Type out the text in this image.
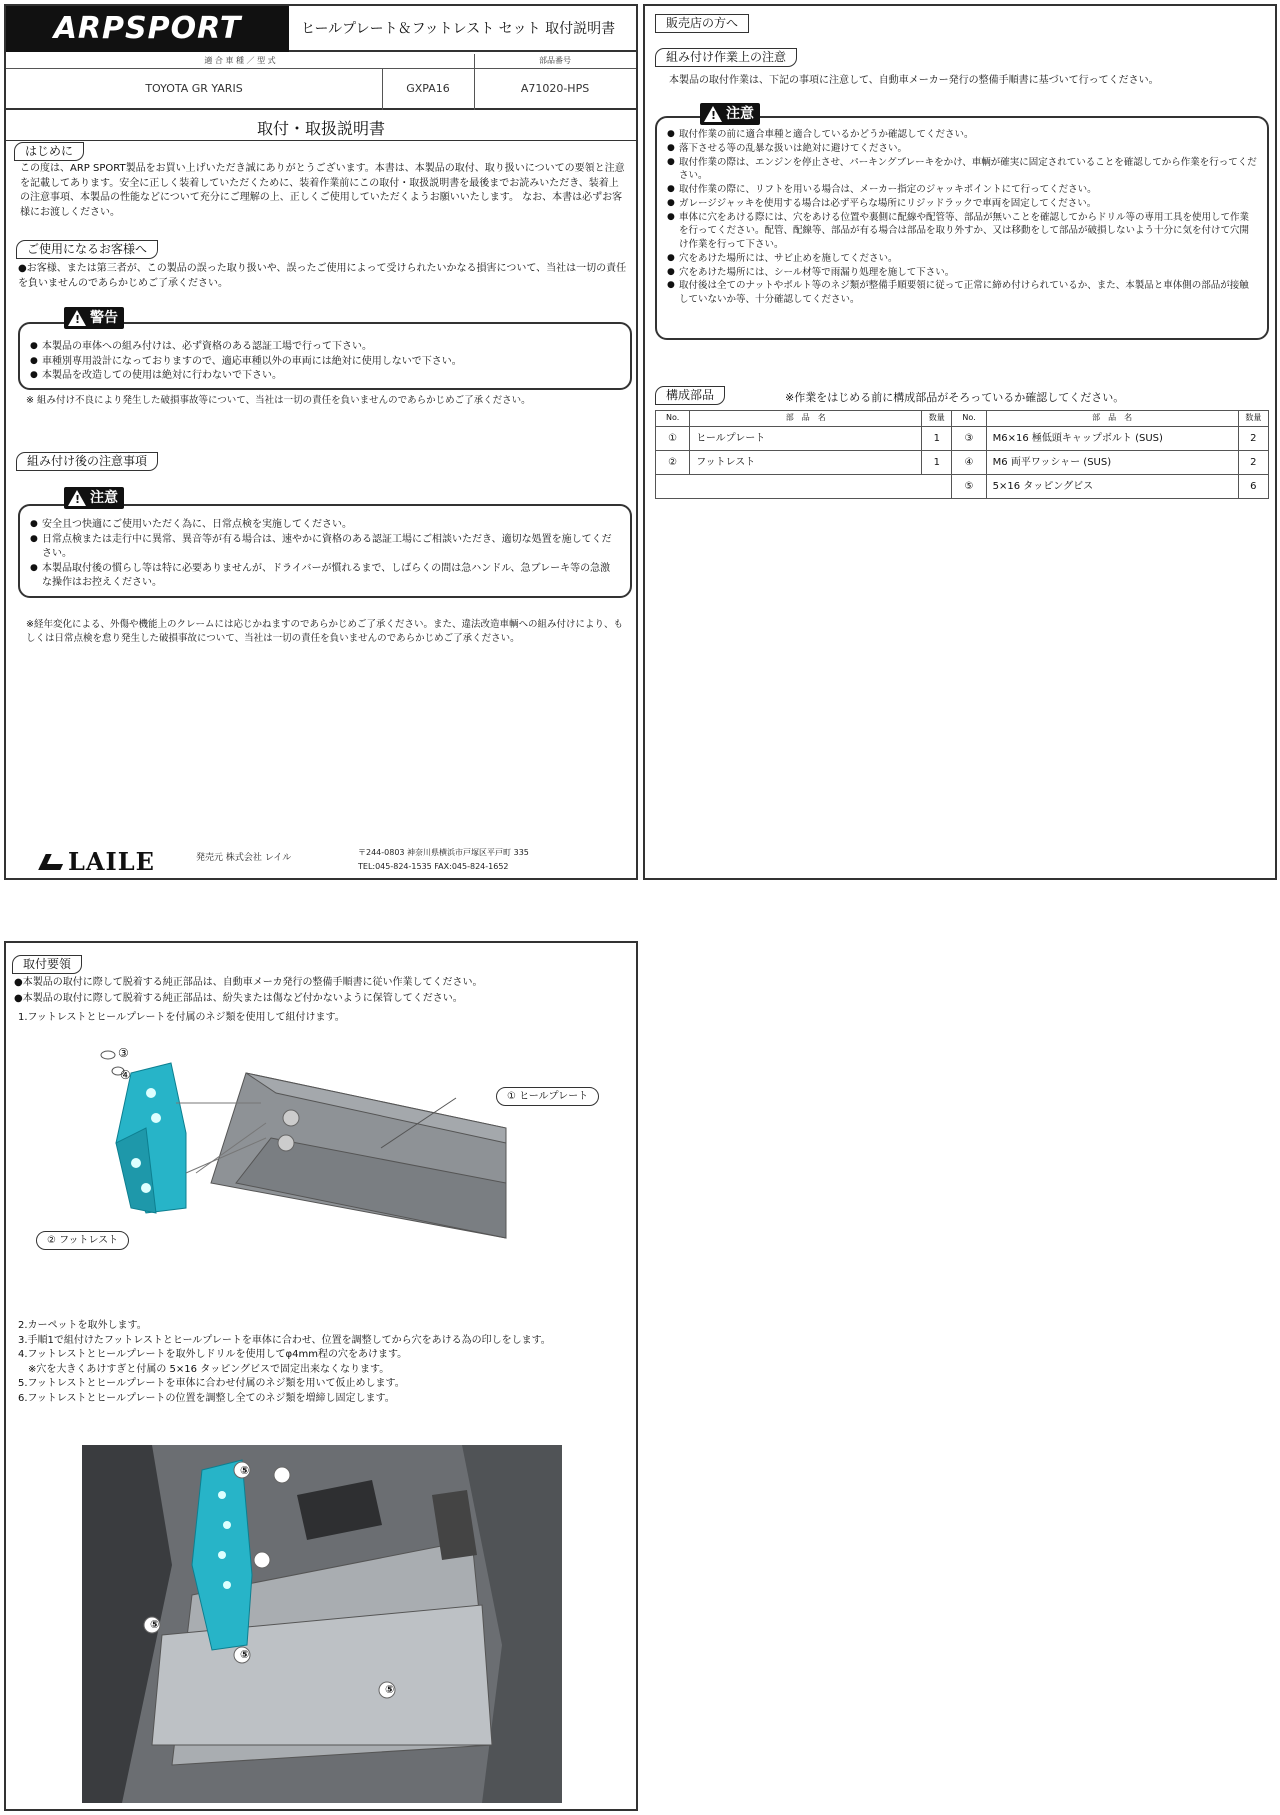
ARPSPORT	ヒールプレート＆フットレスト セット 取付説明書
適 合 車 種 ／ 型 式	部品番号
TOYOTA GR YARIS	GXPA16	A71020-HPS
取付・取扱説明書
はじめに
この度は、ARP SPORT製品をお買い上げいただき誠にありがとうございます。本書は、本製品の取付、取り扱いについての要領と注意を記載してあります。安全に正しく装着していただくために、装着作業前にこの取付・取扱説明書を最後までお読みいただき、装着上の注意事項、本製品の性能などについて充分にご理解の上、正しくご使用していただくようお願いいたします。 なお、本書は必ずお客様にお渡しください。
ご使用になるお客様へ
●お客様、または第三者が、この製品の誤った取り扱いや、誤ったご使用によって受けられたいかなる損害について、当社は一切の責任を負いませんのであらかじめご了承ください。
● 本製品の車体への組み付けは、必ず資格のある認証工場で行って下さい。
● 車種別専用設計になっておりますので、適応車種以外の車両には絶対に使用しないで下さい。
● 本製品を改造しての使用は絶対に行わないで下さい。
! 警告
※ 組み付け不良により発生した破損事故等について、当社は一切の責任を負いませんのであらかじめご了承ください。
組み付け後の注意事項
● 安全且つ快適にご使用いただく為に、日常点検を実施してください。
● 日常点検または走行中に異常、異音等が有る場合は、速やかに資格のある認証工場にご相談いただき、適切な処置を施してください。
● 本製品取付後の慣らし等は特に必要ありませんが、ドライバーが慣れるまで、しばらくの間は急ハンドル、急ブレーキ等の急激な操作はお控えください。
! 注意
※経年変化による、外傷や機能上のクレームには応じかねますのであらかじめご了承ください。また、違法改造車輌への組み付けにより、もしくは日常点検を怠り発生した破損事故について、当社は一切の責任を負いませんのであらかじめご了承ください。
LAILE	発売元 株式会社 レイル
〒244-0803 神奈川県横浜市戸塚区平戸町 335
TEL:045-824-1535 FAX:045-824-1652
販売店の方へ
組み付け作業上の注意
本製品の取付作業は、下記の事項に注意して、自動車メーカー発行の整備手順書に基づいて行ってください。
● 取付作業の前に適合車種と適合しているかどうか確認してください。
● 落下させる等の乱暴な扱いは絶対に避けてください。
● 取付作業の際は、エンジンを停止させ、パーキングブレーキをかけ、車輌が確実に固定されていることを確認してから作業を行ってください。
● 取付作業の際に、リフトを用いる場合は、メーカー指定のジャッキポイントにて行ってください。
● ガレージジャッキを使用する場合は必ず平らな場所にリジッドラックで車両を固定してください。
● 車体に穴をあける際には、穴をあける位置や裏側に配線や配管等、部品が無いことを確認してからドリル等の専用工具を使用して作業を行ってください。配管、配線等、部品が有る場合は部品を取り外すか、又は移動をして部品が破損しないよう十分に気を付けて穴開け作業を行って下さい。
● 穴をあけた場所には、サビ止めを施してください。
● 穴をあけた場所には、シール材等で雨漏り処理を施して下さい。
● 取付後は全てのナットやボルト等のネジ類が整備手順要領に従って正常に締め付けられているか、また、本製品と車体側の部品が接触していないか等、十分確認してください。
! 注意
構成部品	※作業をはじめる前に構成部品がそろっているか確認してください。
No.	部　品　名	数量	No.	部　品　名	数量
①	ヒールプレート	1	③	M6×16 極低頭キャップボルト (SUS)	2
②	フットレスト	1	④	M6 両平ワッシャー (SUS)	2
			⑤	5×16 タッピングビス	6
取付要領
●本製品の取付に際して脱着する純正部品は、自動車メーカ発行の整備手順書に従い作業してください。
●本製品の取付に際して脱着する純正部品は、紛失または傷など付かないように保管してください。
1.フットレストとヒールプレートを付属のネジ類を使用して組付けます。
① ヒールプレート
② フットレスト
③
④
2.カーペットを取外します。
3.手順1で組付けたフットレストとヒールプレートを車体に合わせ、位置を調整してから穴をあける為の印しをします。
4.フットレストとヒールプレートを取外しドリルを使用してφ4mm程の穴をあけます。
　※穴を大きくあけすぎと付属の 5×16 タッピングビスで固定出来なくなります。
5.フットレストとヒールプレートを車体に合わせ付属のネジ類を用いて仮止めします。
6.フットレストとヒールプレートの位置を調整し全てのネジ類を増締し固定します。
⑤
⑤
⑤
⑤
